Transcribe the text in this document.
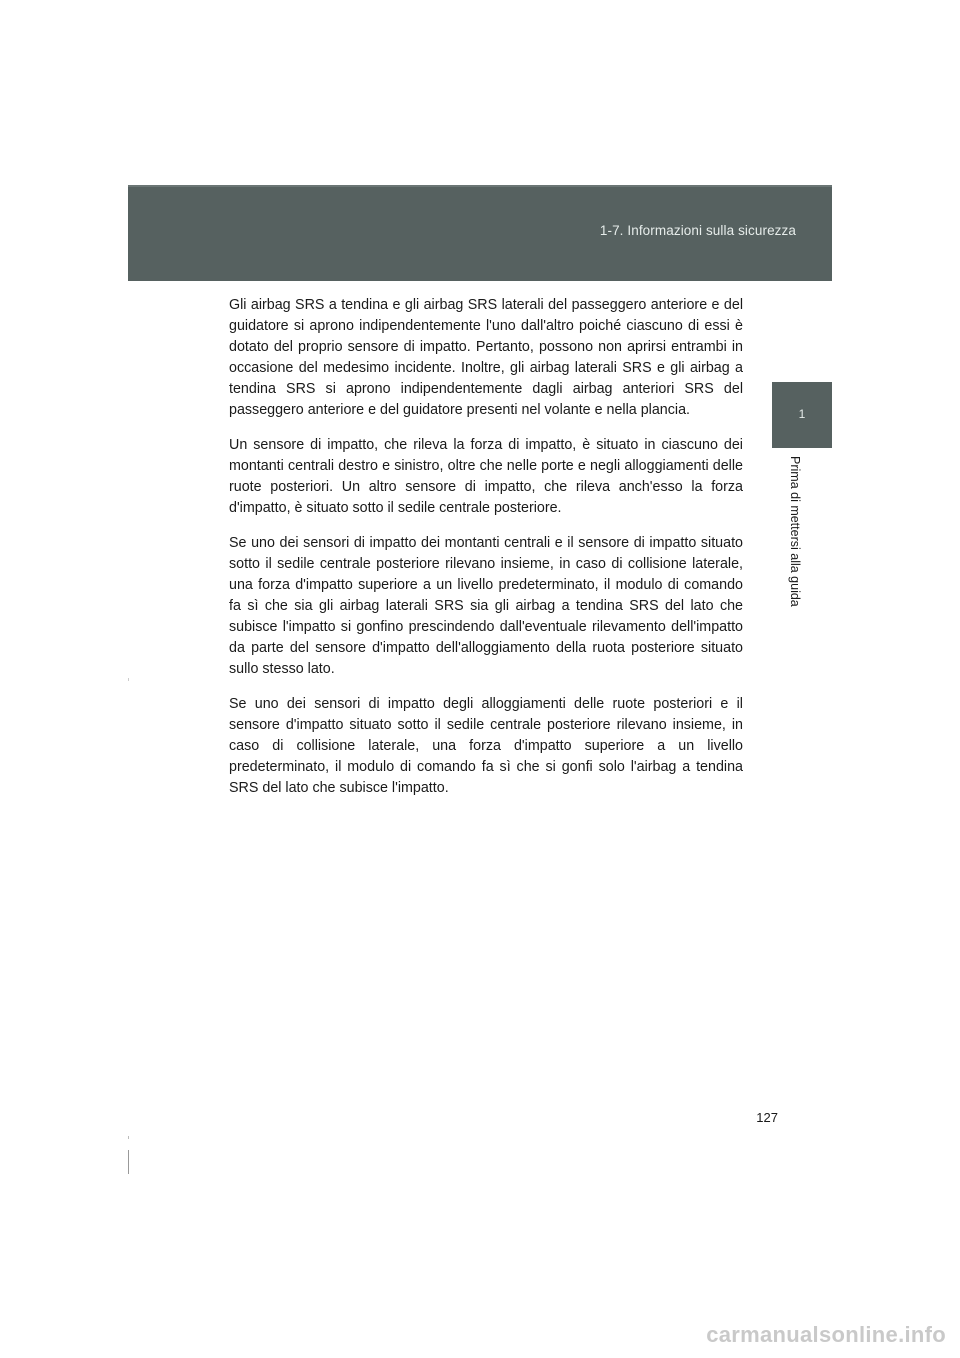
1-7. Informazioni sulla sicurezza
1
Prima di mettersi alla guida

Gli airbag SRS a tendina e gli airbag SRS laterali del passeggero anteriore e del guidatore si aprono indipendentemente l'uno dall'altro poiché ciascuno di essi è dotato del proprio sensore di impatto. Pertanto, possono non aprirsi entrambi in occasione del medesimo incidente. Inoltre, gli airbag laterali SRS e gli airbag a tendina SRS si aprono indipendentemente dagli airbag anteriori SRS del passeggero anteriore e del guidatore presenti nel volante e nella plancia.

Un sensore di impatto, che rileva la forza di impatto, è situato in ciascuno dei montanti centrali destro e sinistro, oltre che nelle porte e negli alloggiamenti delle ruote posteriori. Un altro sensore di impatto, che rileva anch'esso la forza d'impatto, è situato sotto il sedile centrale posteriore.

Se uno dei sensori di impatto dei montanti centrali e il sensore di impatto situato sotto il sedile centrale posteriore rilevano insieme, in caso di collisione laterale, una forza d'impatto superiore a un livello predeterminato, il modulo di comando fa sì che sia gli airbag laterali SRS sia gli airbag a tendina SRS del lato che subisce l'impatto si gonfino prescindendo dall'eventuale rilevamento dell'impatto da parte del sensore d'impatto dell'alloggiamento della ruota posteriore situato sullo stesso lato.

Se uno dei sensori di impatto degli alloggiamenti delle ruote posteriori e il sensore d'impatto situato sotto il sedile centrale posteriore rilevano insieme, in caso di collisione laterale, una forza d'impatto superiore a un livello predeterminato, il modulo di comando fa sì che si gonfi solo l'airbag a tendina SRS del lato che subisce l'impatto.

127
carmanualsonline.info
